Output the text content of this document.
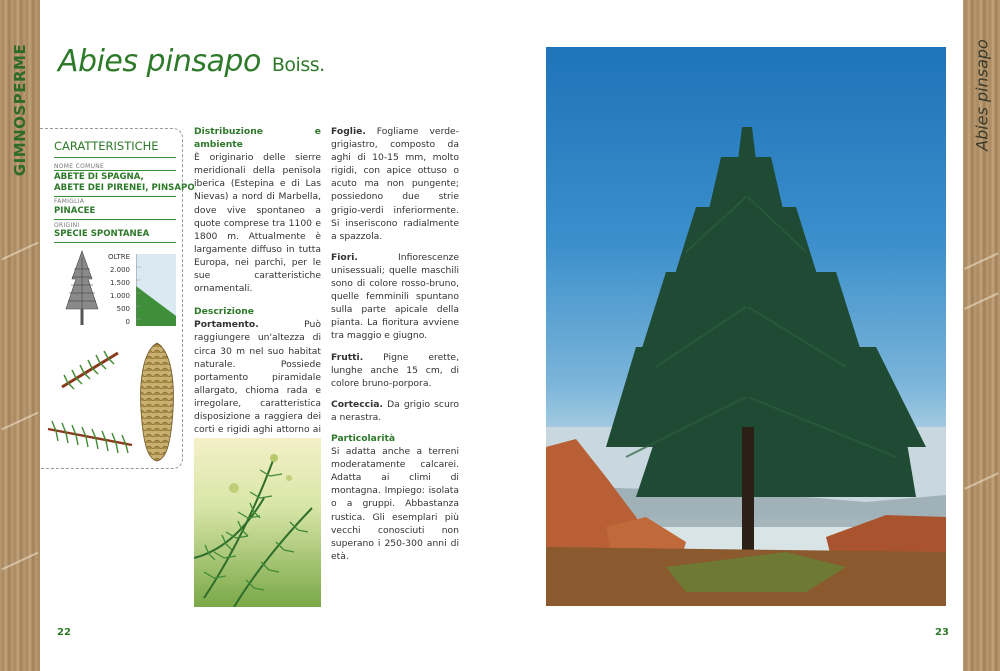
GIMNOSPERME	Abies pinsapo
Abies pinsapo Boiss.
CARATTERISTICHE
NOME COMUNE
ABETE DI SPAGNA,
ABETE DEI PIRENEI, PINSAPO
FAMIGLIA
PINACEE
ORIGINI
SPECIE SPONTANEA
OLTRE
2.000
1.500
1.000
500
0

Distribuzione e ambiente
È originario delle sierre meridionali della penisola iberica (Estepina e di Las Nievas) a nord di Marbella, dove vive spontaneo a quote comprese tra 1100 e 1800 m. Attualmente è largamente diffuso in tutta Europa, nei parchi, per le sue caratteristiche ornamentali.

Descrizione
Portamento.	Può raggiungere un'altezza di circa 30 m nel suo habitat naturale. Possiede portamento piramidale allargato, chioma rada e irregolare, caratteristica disposizione a raggiera dei corti e rigidi aghi attorno ai

Foglie. Fogliame verde-grigiastro, composto da aghi di 10-15 mm, molto rigidi, con apice ottuso o acuto ma non pungente; possiedono due strie grigio-verdi inferiormente. Si inseriscono radialmente a spazzola.

Fiori.	Infiorescenze unisessuali; quelle maschili sono di colore rosso-bruno, quelle femminili spuntano sulla parte apicale della pianta. La fioritura avviene tra maggio e giugno.

Frutti. Pigne erette, lunghe anche 15 cm, di colore bruno-porpora.

Corteccia. Da grigio scuro a nerastra.

Particolarità
Si adatta anche a terreni moderatamente calcarei. Adatta ai climi di montagna. Impiego: isolata o a gruppi. Abbastanza rustica. Gli esemplari più vecchi conosciuti non superano i 250-300 anni di età.

22	23
